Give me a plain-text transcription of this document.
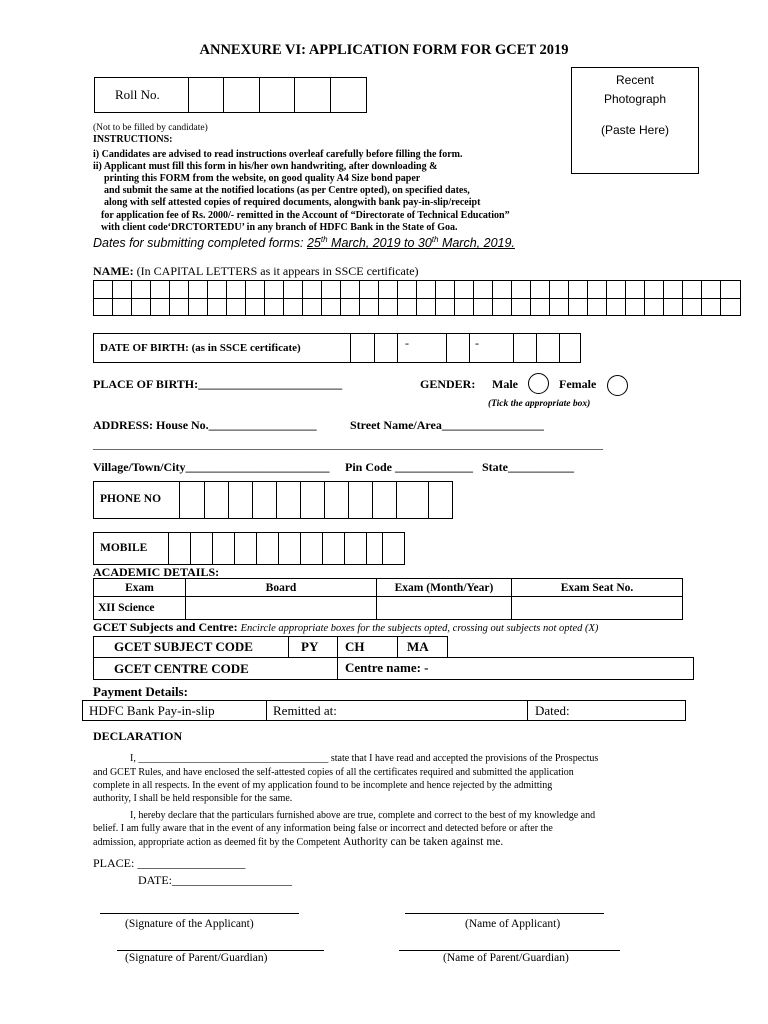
ANNEXURE VI: APPLICATION FORM FOR GCET 2019
Recent
Photograph
(Paste Here)
Roll No.
(Not to be filled by candidate)
INSTRUCTIONS:
i) Candidates are advised to read instructions overleaf carefully before filling the form.
ii) Applicant must fill this form in his/her own handwriting, after downloading &
printing this FORM from the website, on good quality A4 Size bond paper
and submit the same at the notified locations (as per Centre opted), on specified dates,
along with self attested copies of required documents, alongwith bank pay-in-slip/receipt
for application fee of Rs. 2000/- remitted in the Account of “Directorate of Technical Education”
with client code‘DRCTORTEDU’ in any branch of HDFC Bank in the State of Goa.
Dates for submitting completed forms: 25th March, 2019 to 30th March, 2019.
NAME: (In CAPITAL LETTERS as it appears in SSCE certificate)
DATE OF BIRTH: (as in SSCE certificate)	-	-
PLACE OF BIRTH:________________________	GENDER: Male	Female
(Tick the appropriate box)
ADDRESS: House No.__________________	Street Name/Area_________________
_____________________________________________________________________________________
Village/Town/City________________________ Pin Code _____________ State___________
PHONE NO
MOBILE
ACADEMIC DETAILS:
Exam	Board	Exam (Month/Year)	Exam Seat No.
XII Science			
GCET Subjects and Centre: Encircle appropriate boxes for the subjects opted, crossing out subjects not opted (X)
GCET SUBJECT CODE	PY CH	MA
GCET CENTRE CODE	Centre name: -
Payment Details:
HDFC Bank Pay-in-slip	Remitted at:	Dated:
DECLARATION
I, ______________________________________ state that I have read and accepted the provisions of the Prospectus
and GCET Rules, and have enclosed the self-attested copies of all the certificates required and submitted the application
complete in all respects. In the event of my application found to be incomplete and hence rejected by the admitting
authority, I shall be held responsible for the same.
I, hereby declare that the particulars furnished above are true, complete and correct to the best of my knowledge and
belief. I am fully aware that in the event of any information being false or incorrect and detected before or after the
admission, appropriate action as deemed fit by the Competent Authority can be taken against me.
PLACE: __________________
DATE:____________________
(Signature of the Applicant)	(Name of Applicant)
(Signature of Parent/Guardian)	(Name of Parent/Guardian)
